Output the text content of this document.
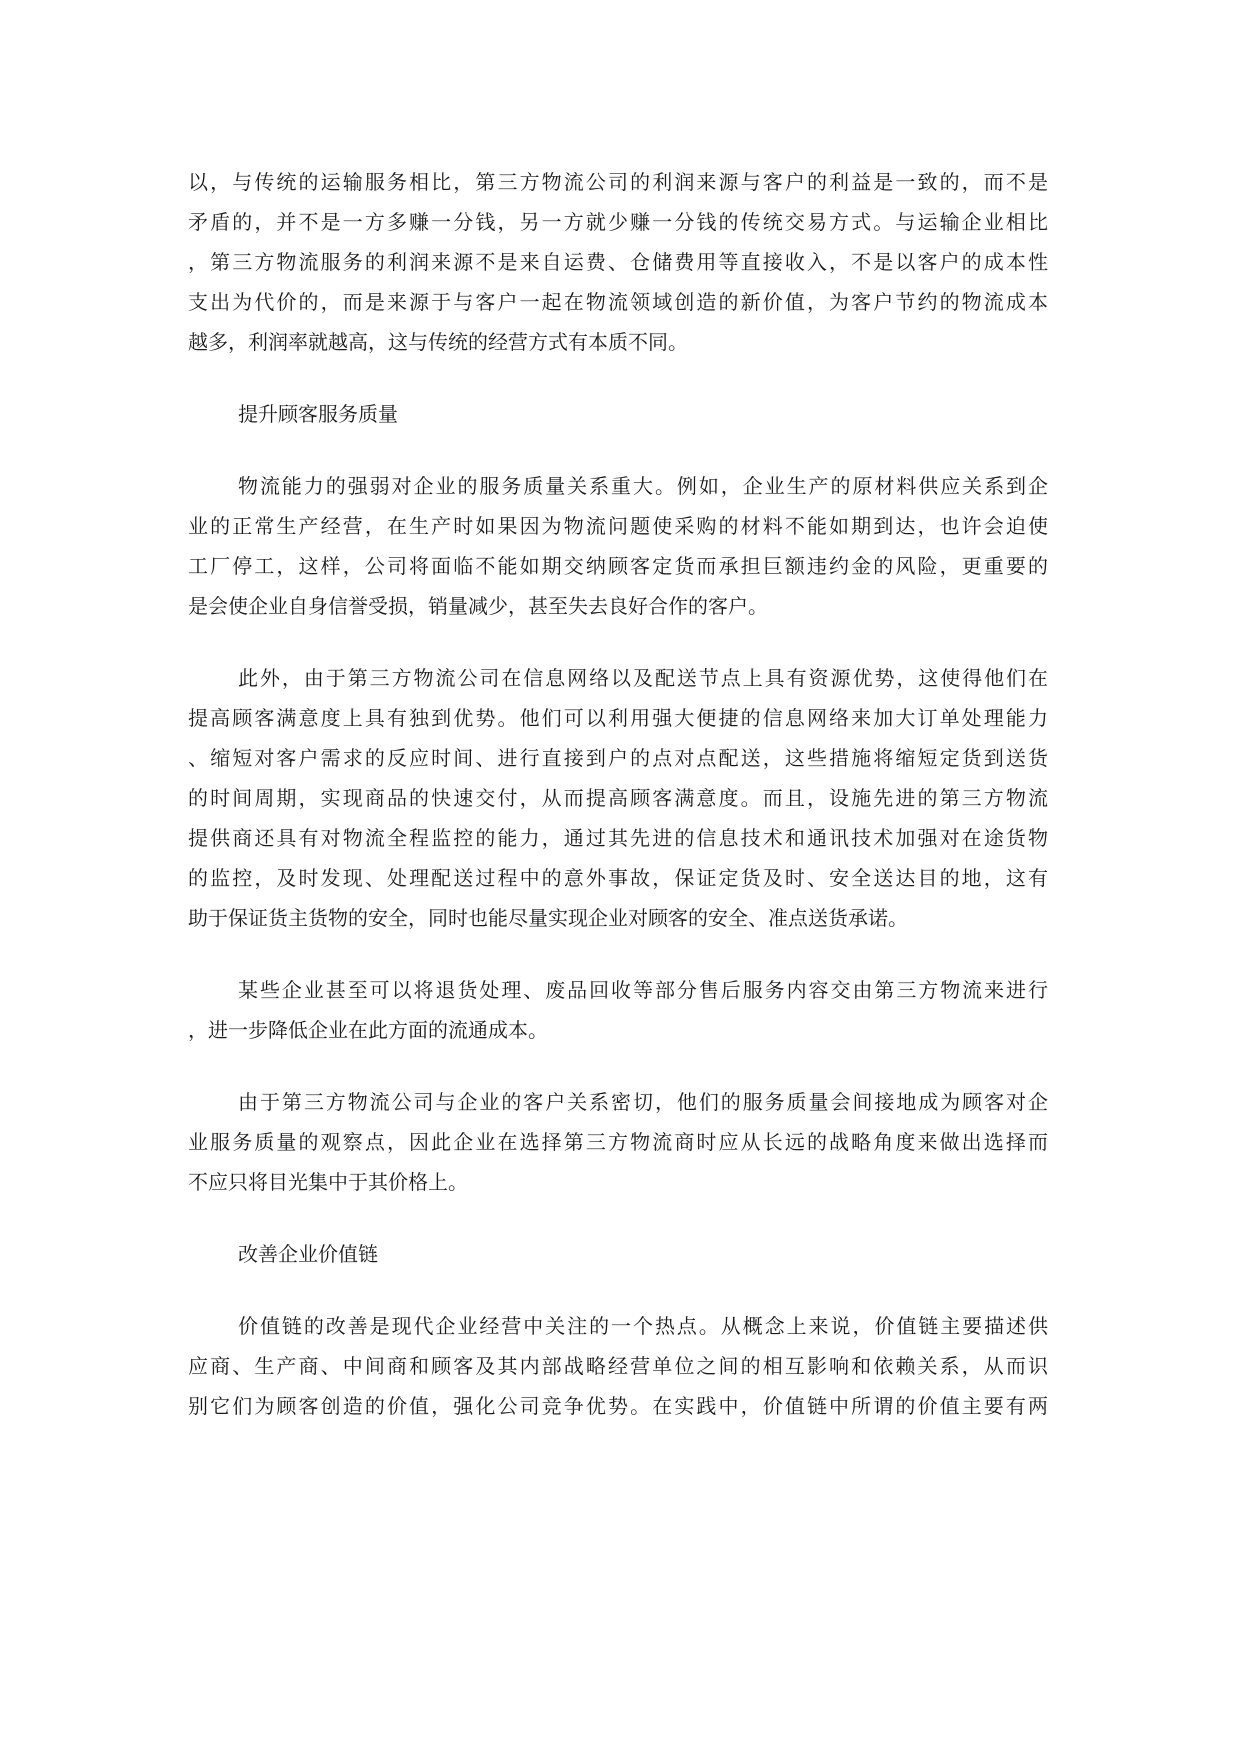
以，与传统的运输服务相比，第三方物流公司的利润来源与客户的利益是一致的，而不是
矛盾的，并不是一方多赚一分钱，另一方就少赚一分钱的传统交易方式。与运输企业相比
，第三方物流服务的利润来源不是来自运费、仓储费用等直接收入，不是以客户的成本性
支出为代价的，而是来源于与客户一起在物流领域创造的新价值，为客户节约的物流成本
越多，利润率就越高，这与传统的经营方式有本质不同。

提升顾客服务质量

物流能力的强弱对企业的服务质量关系重大。例如，企业生产的原材料供应关系到企
业的正常生产经营，在生产时如果因为物流问题使采购的材料不能如期到达，也许会迫使
工厂停工，这样，公司将面临不能如期交纳顾客定货而承担巨额违约金的风险，更重要的
是会使企业自身信誉受损，销量减少，甚至失去良好合作的客户。

此外，由于第三方物流公司在信息网络以及配送节点上具有资源优势，这使得他们在
提高顾客满意度上具有独到优势。他们可以利用强大便捷的信息网络来加大订单处理能力
、缩短对客户需求的反应时间、进行直接到户的点对点配送，这些措施将缩短定货到送货
的时间周期，实现商品的快速交付，从而提高顾客满意度。而且，设施先进的第三方物流
提供商还具有对物流全程监控的能力，通过其先进的信息技术和通讯技术加强对在途货物
的监控，及时发现、处理配送过程中的意外事故，保证定货及时、安全送达目的地，这有
助于保证货主货物的安全，同时也能尽量实现企业对顾客的安全、准点送货承诺。

某些企业甚至可以将退货处理、废品回收等部分售后服务内容交由第三方物流来进行
，进一步降低企业在此方面的流通成本。

由于第三方物流公司与企业的客户关系密切，他们的服务质量会间接地成为顾客对企
业服务质量的观察点，因此企业在选择第三方物流商时应从长远的战略角度来做出选择而
不应只将目光集中于其价格上。

改善企业价值链

价值链的改善是现代企业经营中关注的一个热点。从概念上来说，价值链主要描述供
应商、生产商、中间商和顾客及其内部战略经营单位之间的相互影响和依赖关系，从而识
别它们为顾客创造的价值，强化公司竞争优势。在实践中，价值链中所谓的价值主要有两
